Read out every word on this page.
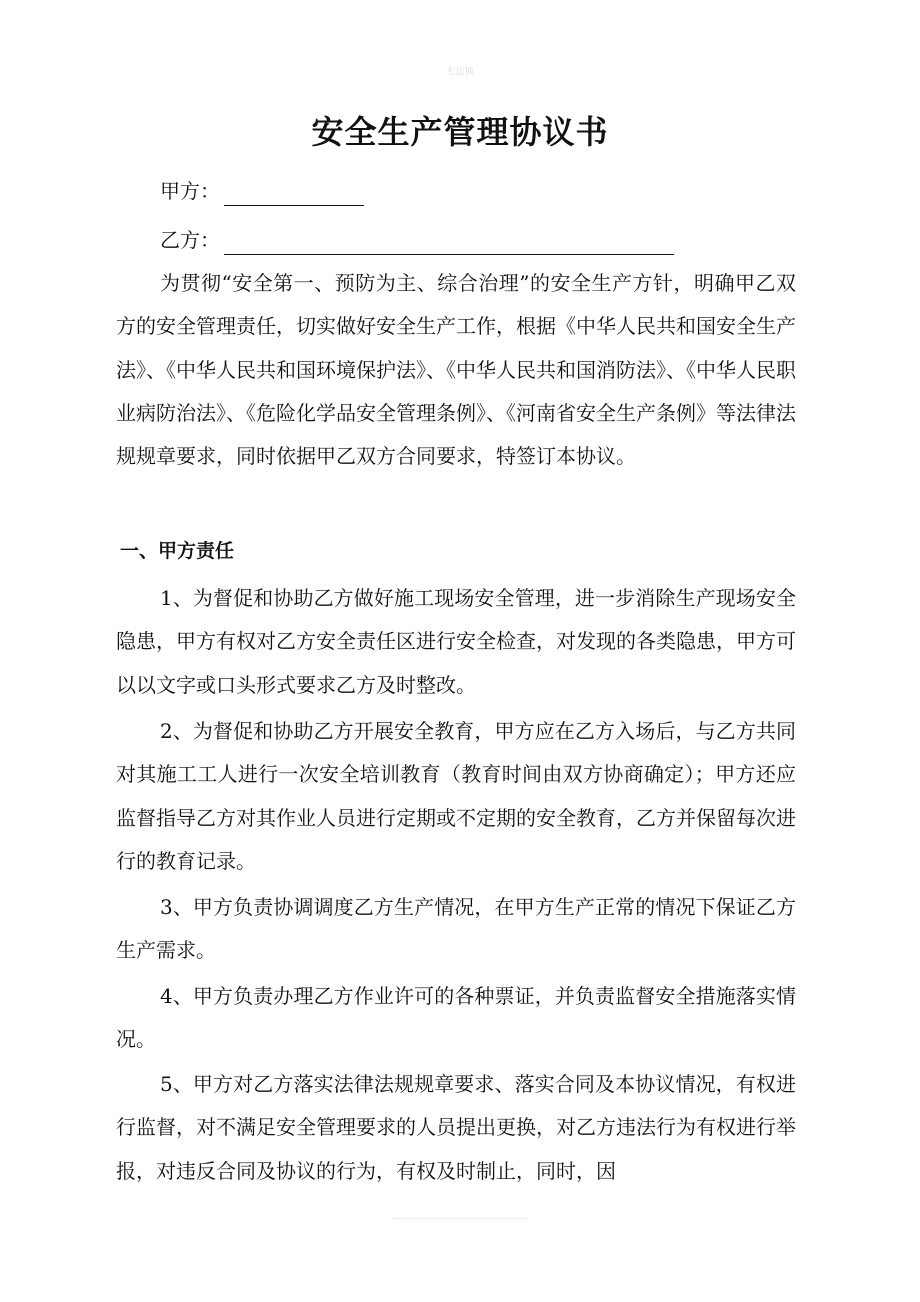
左边顶
安全生产管理协议书
甲方：
乙方：

为贯彻“安全第一、预防为主、综合治理”的安全生产方针，明确甲乙双方的安全管理责任，切实做好安全生产工作，根据《中华人民共和国安全生产法》、《中华人民共和国环境保护法》、《中华人民共和国消防法》、《中华人民职业病防治法》、《危险化学品安全管理条例》、《河南省安全生产条例》等法律法规规章要求，同时依据甲乙双方合同要求，特签订本协议。

一、甲方责任

1、为督促和协助乙方做好施工现场安全管理，进一步消除生产现场安全隐患，甲方有权对乙方安全责任区进行安全检查，对发现的各类隐患，甲方可以以文字或口头形式要求乙方及时整改。

2、为督促和协助乙方开展安全教育，甲方应在乙方入场后，与乙方共同对其施工工人进行一次安全培训教育（教育时间由双方协商确定）；甲方还应监督指导乙方对其作业人员进行定期或不定期的安全教育，乙方并保留每次进行的教育记录。

3、甲方负责协调调度乙方生产情况，在甲方生产正常的情况下保证乙方生产需求。

4、甲方负责办理乙方作业许可的各种票证，并负责监督安全措施落实情况。

5、甲方对乙方落实法律法规规章要求、落实合同及本协议情况，有权进行监督，对不满足安全管理要求的人员提出更换，对乙方违法行为有权进行举报，对违反合同及协议的行为，有权及时制止，同时，因
